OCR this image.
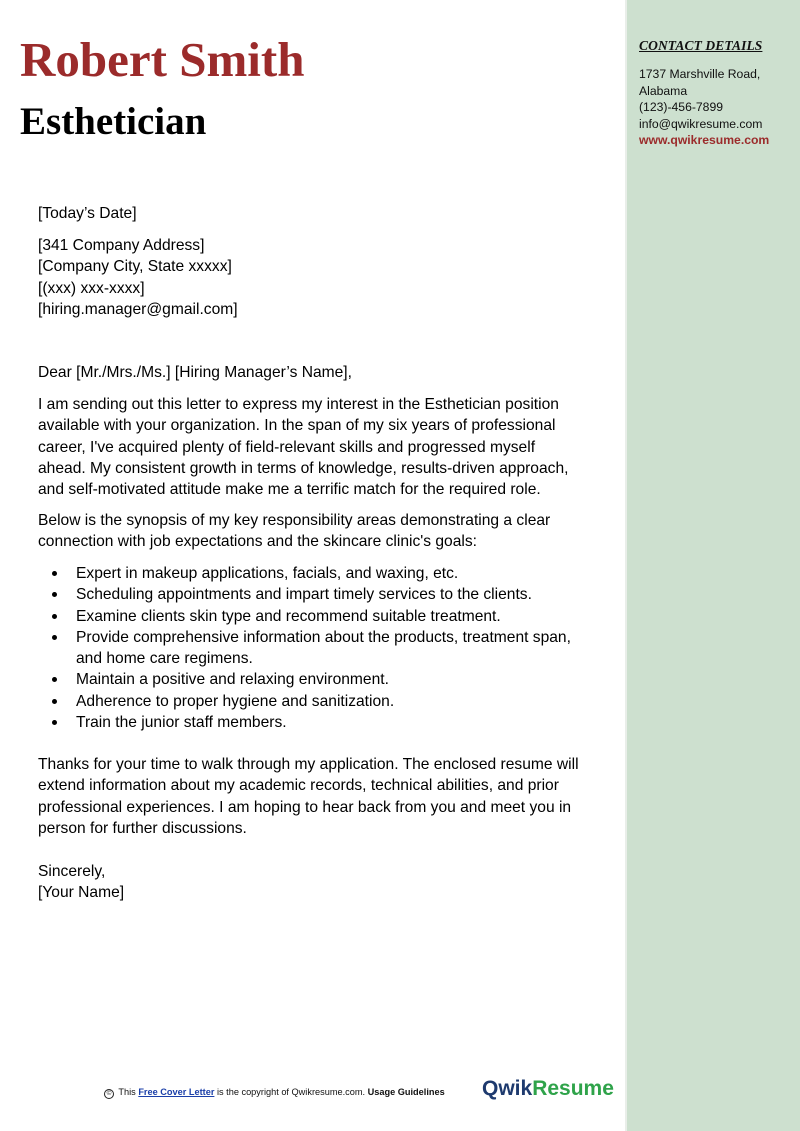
CONTACT DETAILS
1737 Marshville Road,
Alabama
(123)-456-7899
info@qwikresume.com
www.qwikresume.com
Robert Smith
Esthetician
[Today’s Date]
[341 Company Address]
[Company City, State xxxxx]
[(xxx) xxx-xxxx]
[hiring.manager@gmail.com]
Dear [Mr./Mrs./Ms.] [Hiring Manager’s Name],
I am sending out this letter to express my interest in the Esthetician position
available with your organization. In the span of my six years of professional
career, I've acquired plenty of field-relevant skills and progressed myself
ahead. My consistent growth in terms of knowledge, results-driven approach,
and self-motivated attitude make me a terrific match for the required role.
Below is the synopsis of my key responsibility areas demonstrating a clear
connection with job expectations and the skincare clinic's goals:
Expert in makeup applications, facials, and waxing, etc.
Scheduling appointments and impart timely services to the clients.
Examine clients skin type and recommend suitable treatment.
Provide comprehensive information about the products, treatment span,
and home care regimens.
Maintain a positive and relaxing environment.
Adherence to proper hygiene and sanitization.
Train the junior staff members.
Thanks for your time to walk through my application. The enclosed resume will
extend information about my academic records, technical abilities, and prior
professional experiences. I am hoping to hear back from you and meet you in
person for further discussions.
Sincerely,
[Your Name]
© This Free Cover Letter is the copyright of Qwikresume.com. Usage Guidelines QwikResume
